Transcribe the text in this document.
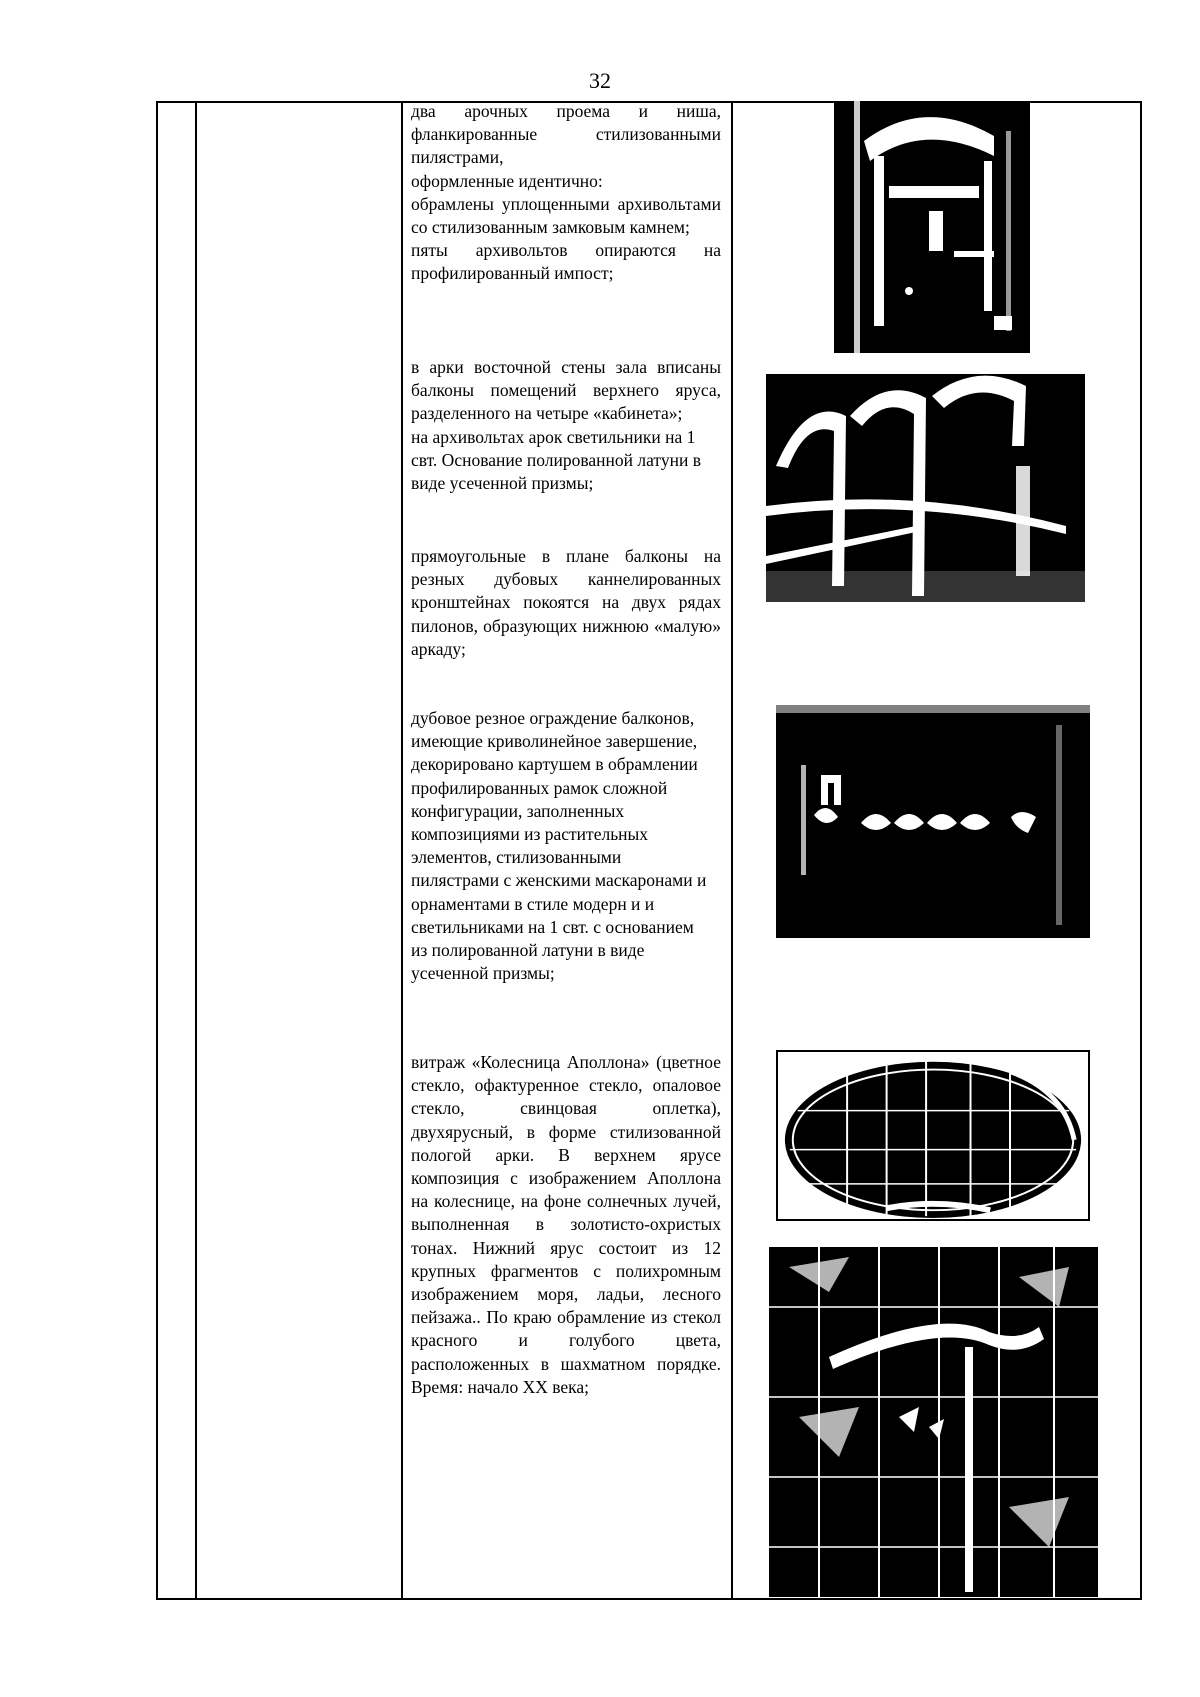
32

два арочных проема и ниша, фланкированные стилизованными пилястрами,

оформленные идентично:

обрамлены уплощенными архивольтами со стилизованным замковым камнем;

пяты архивольтов опираются на профилированный импост;

в арки восточной стены зала вписаны балконы помещений верхнего яруса, разделенного на четыре «кабинета»;

на архивольтах арок светильники на 1 свт. Основание полированной латуни в виде усеченной призмы;

прямоугольные в плане балконы на резных дубовых каннелированных кронштейнах покоятся на двух рядах пилонов, образующих нижнюю «малую» аркаду;

дубовое резное ограждение балконов, имеющие криволинейное завершение, декорировано картушем в обрамлении профилированных рамок сложной конфигурации, заполненных композициями из растительных элементов, стилизованными пилястрами с женскими маскаронами и орнаментами в стиле модерн и и светильниками на 1 свт. с основанием из полированной латуни в виде усеченной призмы;

витраж «Колесница Аполлона» (цветное стекло, офактуренное стекло, опаловое стекло, свинцовая оплетка), двухярусный, в форме стилизованной пологой арки. В верхнем ярусе композиция с изображением Аполлона на колеснице, на фоне солнечных лучей, выполненная в золотисто-охристых тонах. Нижний ярус состоит из 12 крупных фрагментов с полихромным изображением моря, ладьи, лесного пейзажа.. По краю обрамление из стекол красного и голубого цвета, расположенных в шахматном порядке. Время: начало XX века;
